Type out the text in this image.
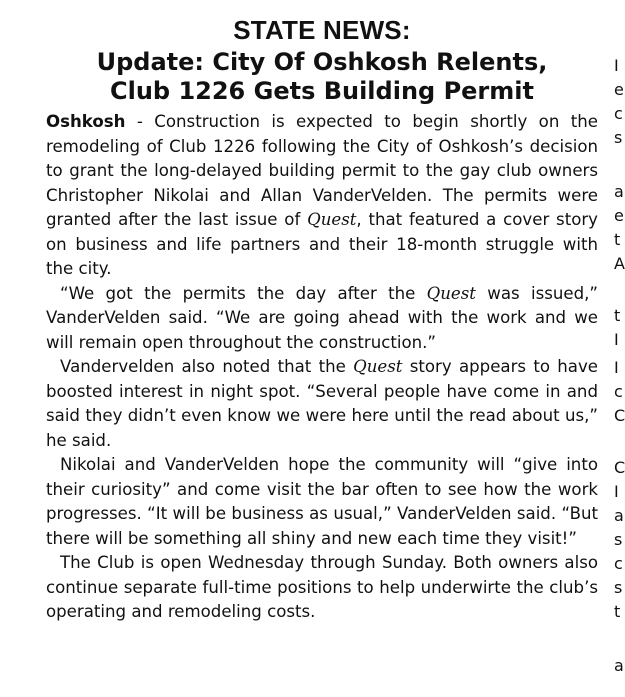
STATE NEWS:
Update: City Of Oshkosh Relents,
Club 1226 Gets Building Permit

Oshkosh - Construction is expected to begin shortly on the remodeling of Club 1226 following the City of Oshkosh’s decision to grant the long-delayed building permit to the gay club owners Christopher Nikolai and Allan VanderVelden. The permits were granted after the last issue of Quest, that featured a cover story on business and life partners and their 18-month struggle with the city.

“We got the permits the day after the Quest was issued,” VanderVelden said. “We are going ahead with the work and we will remain open throughout the construction.”

Vandervelden also noted that the Quest story appears to have boosted interest in night spot. “Several people have come in and said they didn’t even know we were here until the read about us,” he said.

Nikolai and VanderVelden hope the community will “give into their curiosity” and come visit the bar often to see how the work progresses. “It will be business as usual,” VanderVelden said. “But there will be something all shiny and new each time they visit!”

The Club is open Wednesday through Sunday. Both owners also continue separate full-time positions to help underwirte the club’s operating and remodeling costs.

I
e
c
s
a
e
t
A
t
I
I
c
C
C
I
a
s
c
s
t
a
